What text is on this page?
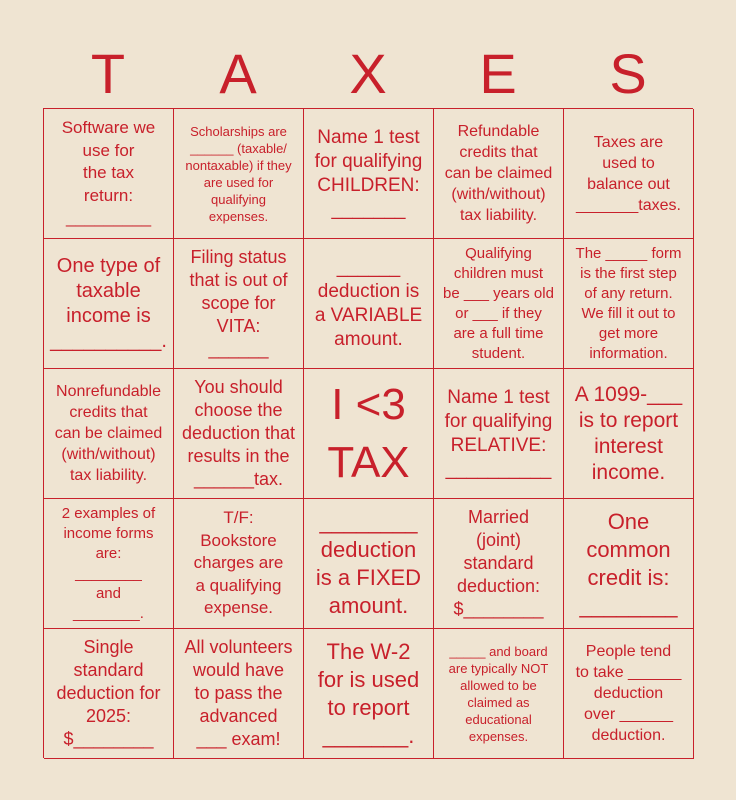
T	A	X	E	S
Software we
use for
the tax
return:
_________
Scholarships are
______ (taxable/
nontaxable) if they
are used for
qualifying
expenses.
Name 1 test
for qualifying
CHILDREN:
_______
Refundable
credits that
can be claimed
(with/without)
tax liability.
Taxes are
used to
balance out
_______taxes.
One type of
taxable
income is
__________.
Filing status
that is out of
scope for
VITA:
______
______
deduction is
a VARIABLE
amount.
Qualifying
children must
be ___ years old
or ___ if they
are a full time
student.
The _____ form
is the first step
of any return.
We fill it out to
get more
information.
Nonrefundable
credits that
can be claimed
(with/without)
tax liability.
You should
choose the
deduction that
results in the
______tax.
I <3
TAX
Name 1 test
for qualifying
RELATIVE:
__________
A 1099-___
is to report
interest
income.
2 examples of
income forms
are:
________
and
________.
T/F:
Bookstore
charges are
a qualifying
expense.
________
deduction
is a FIXED
amount.
Married
(joint)
standard
deduction:
$________
One
common
credit is:
________
Single
standard
deduction for
2025:
$________
All volunteers
would have
to pass the
advanced
___ exam!
The W-2
for is used
to report
_______.
_____ and board
are typically NOT
allowed to be
claimed as
educational
expenses.
People tend
to take ______
deduction
over ______
deduction.
